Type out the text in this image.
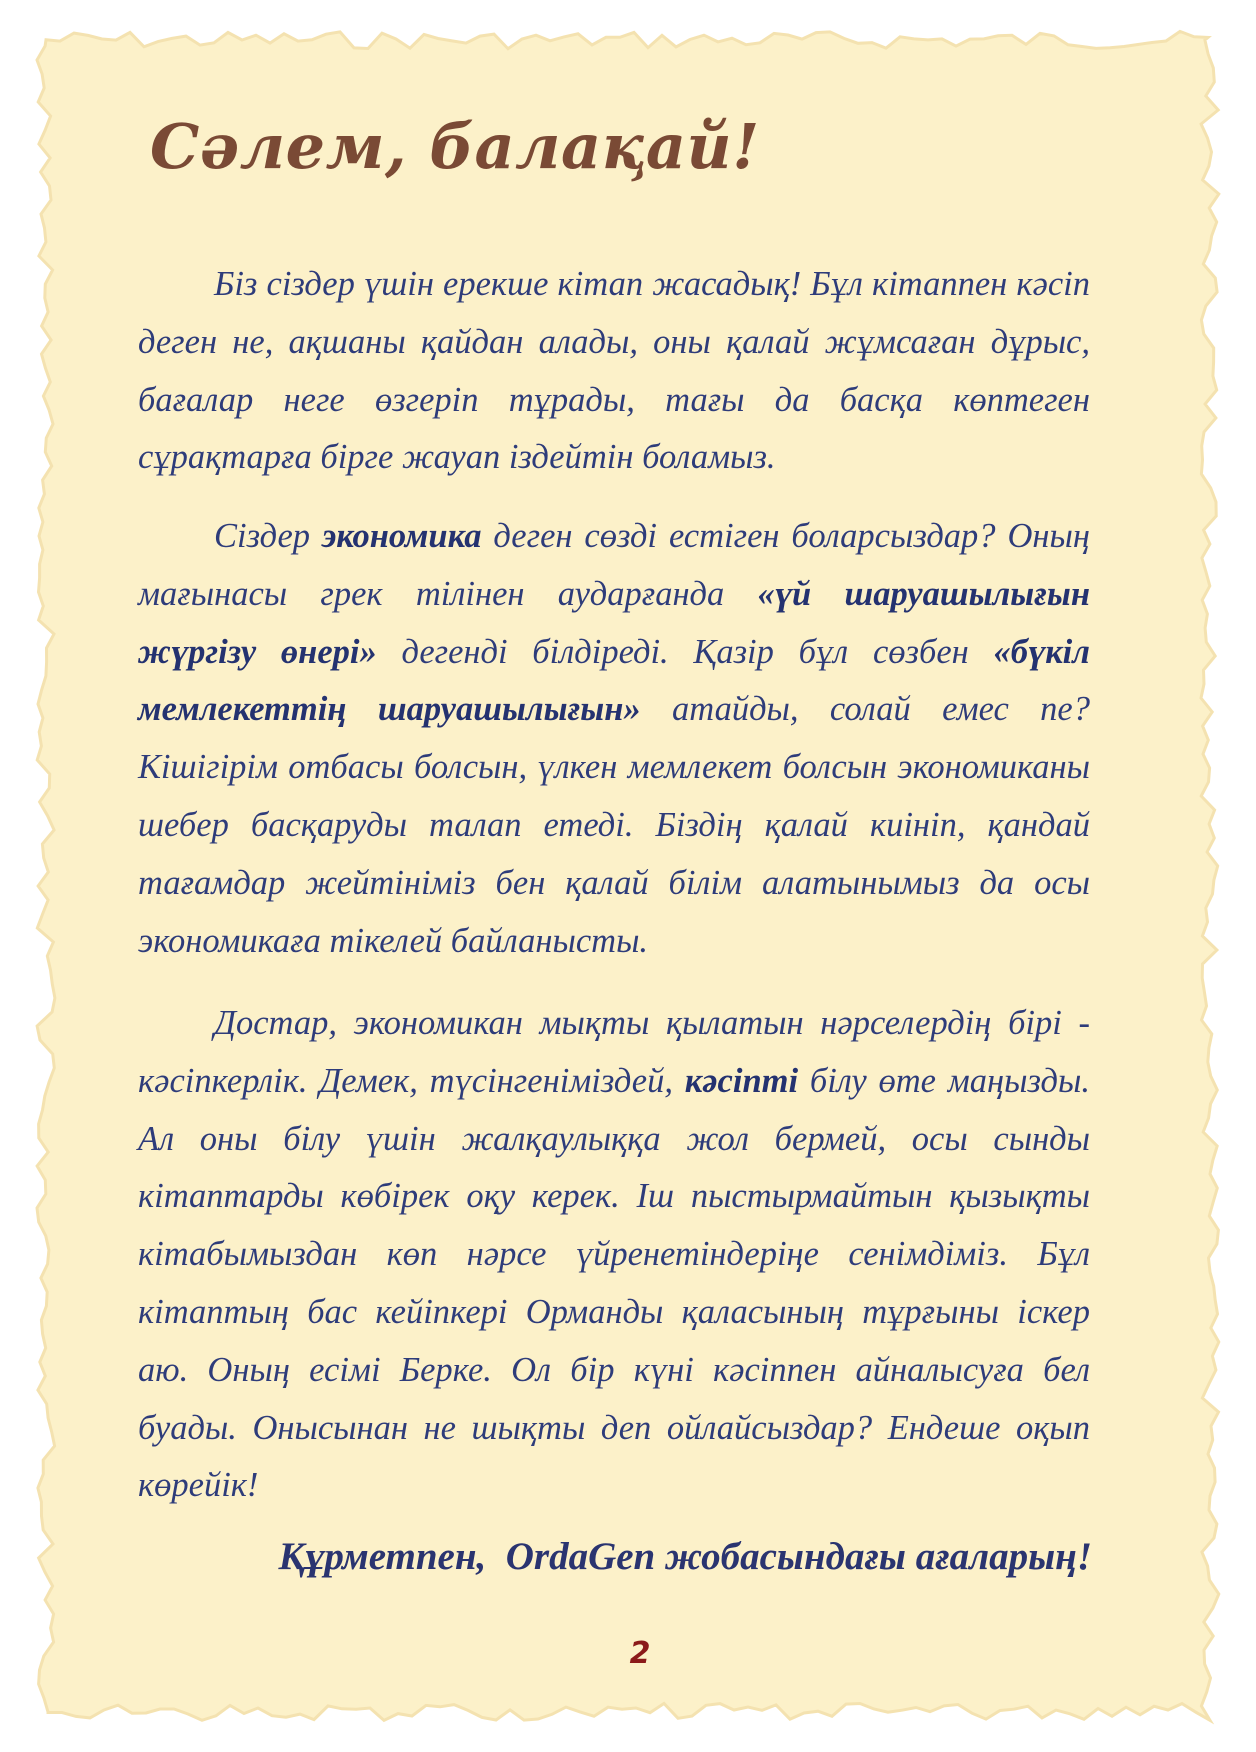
Сәлем, балақай!

Біз сіздер үшін ерекше кітап жасадық! Бұл кітаппен кәсіп деген не, ақшаны қайдан алады, оны қалай жұмсаған дұрыс, бағалар неге өзгеріп тұрады, тағы да басқа көптеген сұрақтарға бірге жауап іздейтін боламыз.

Сіздер экономика деген сөзді естіген боларсыздар? Оның мағынасы грек тілінен аударғанда «үй шаруашылығын жүргізу өнері» дегенді білдіреді. Қазір бұл сөзбен «бүкіл мемлекеттің шаруашылығын» атайды, солай емес пе? Кішігірім отбасы болсын, үлкен мемлекет болсын экономиканы шебер басқаруды талап етеді. Біздің қалай киініп, қандай тағамдар жейтініміз бен қалай білім алатынымыз да осы экономикаға тікелей байланысты.

Достар, экономикан мықты қылатын нәрселердің бірі - кәсіпкерлік. Демек, түсінгеніміздей, кәсіпті білу өте маңызды. Ал оны білу үшін жалқаулыққа жол бермей, осы сынды кітаптарды көбірек оқу керек. Іш пыстырмайтын қызықты кітабымыздан көп нәрсе үйренетіндеріңе сенімдіміз. Бұл кітаптың бас кейіпкері Орманды қаласының тұрғыны іскер аю. Оның есімі Берке. Ол бір күні кәсіппен айналысуға бел буады. Онысынан не шықты деп ойлайсыздар? Ендеше оқып көрейік!

Құрметпен,  OrdaGen жобасындағы ағаларың!

2
